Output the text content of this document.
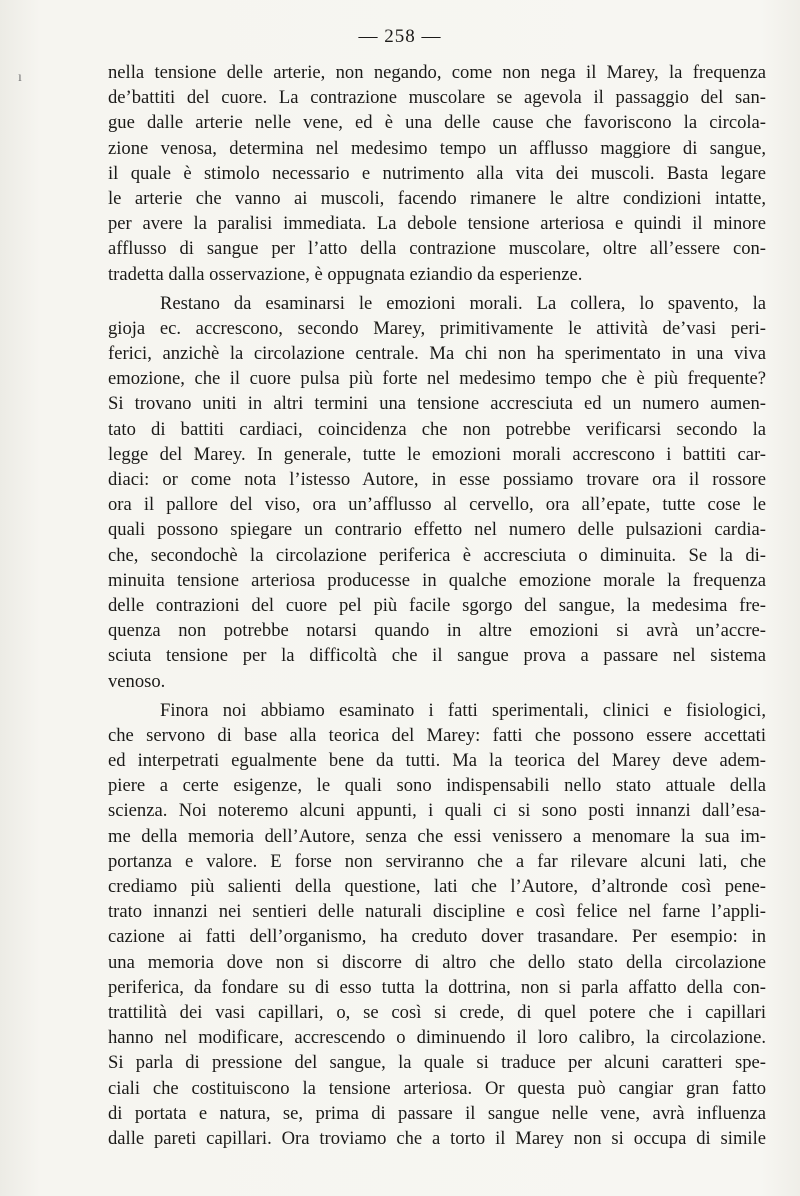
ı
— 258 —
nella tensione delle arterie, non negando, come non nega il Marey, la frequenza
de’battiti del cuore. La contrazione muscolare se agevola il passaggio del san-
gue dalle arterie nelle vene, ed è una delle cause che favoriscono la circola-
zione venosa, determina nel medesimo tempo un afflusso maggiore di sangue,
il quale è stimolo necessario e nutrimento alla vita dei muscoli. Basta legare
le arterie che vanno ai muscoli, facendo rimanere le altre condizioni intatte,
per avere la paralisi immediata. La debole tensione arteriosa e quindi il minore
afflusso di sangue per l’atto della contrazione muscolare, oltre all’essere con-
tradetta dalla osservazione, è oppugnata eziandio da esperienze.
Restano da esaminarsi le emozioni morali. La collera, lo spavento, la
gioja ec. accrescono, secondo Marey, primitivamente le attività de’vasi peri-
ferici, anzichè la circolazione centrale. Ma chi non ha sperimentato in una viva
emozione, che il cuore pulsa più forte nel medesimo tempo che è più frequente?
Si trovano uniti in altri termini una tensione accresciuta ed un numero aumen-
tato di battiti cardiaci, coincidenza che non potrebbe verificarsi secondo la
legge del Marey. In generale, tutte le emozioni morali accrescono i battiti car-
diaci: or come nota l’istesso Autore, in esse possiamo trovare ora il rossore
ora il pallore del viso, ora un’afflusso al cervello, ora all’epate, tutte cose le
quali possono spiegare un contrario effetto nel numero delle pulsazioni cardia-
che, secondochè la circolazione periferica è accresciuta o diminuita. Se la di-
minuita tensione arteriosa producesse in qualche emozione morale la frequenza
delle contrazioni del cuore pel più facile sgorgo del sangue, la medesima fre-
quenza non potrebbe notarsi quando in altre emozioni si avrà un’accre-
sciuta tensione per la difficoltà che il sangue prova a passare nel sistema
venoso.
Finora noi abbiamo esaminato i fatti sperimentali, clinici e fisiologici,
che servono di base alla teorica del Marey: fatti che possono essere accettati
ed interpetrati egualmente bene da tutti. Ma la teorica del Marey deve adem-
piere a certe esigenze, le quali sono indispensabili nello stato attuale della
scienza. Noi noteremo alcuni appunti, i quali ci si sono posti innanzi dall’esa-
me della memoria dell’Autore, senza che essi venissero a menomare la sua im-
portanza e valore. E forse non serviranno che a far rilevare alcuni lati, che
crediamo più salienti della questione, lati che l’Autore, d’altronde così pene-
trato innanzi nei sentieri delle naturali discipline e così felice nel farne l’appli-
cazione ai fatti dell’organismo, ha creduto dover trasandare. Per esempio: in
una memoria dove non si discorre di altro che dello stato della circolazione
periferica, da fondare su di esso tutta la dottrina, non si parla affatto della con-
trattilità dei vasi capillari, o, se così si crede, di quel potere che i capillari
hanno nel modificare, accrescendo o diminuendo il loro calibro, la circolazione.
Si parla di pressione del sangue, la quale si traduce per alcuni caratteri spe-
ciali che costituiscono la tensione arteriosa. Or questa può cangiar gran fatto
di portata e natura, se, prima di passare il sangue nelle vene, avrà influenza
dalle pareti capillari. Ora troviamo che a torto il Marey non si occupa di simile
